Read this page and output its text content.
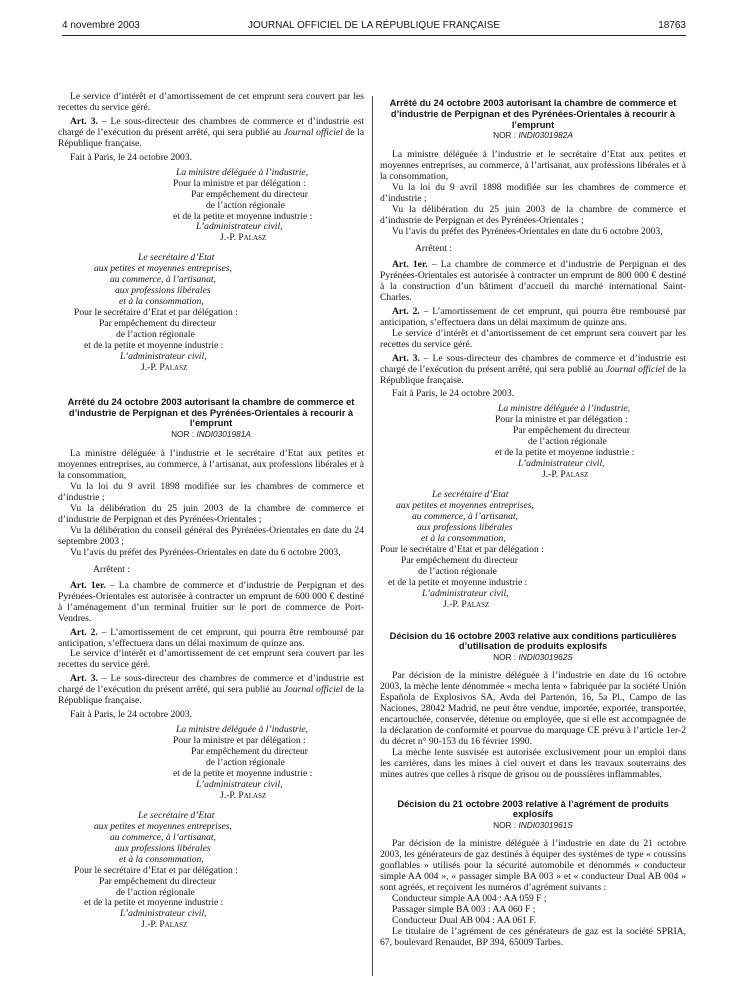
4 novembre 2003	JOURNAL OFFICIEL DE LA RÉPUBLIQUE FRANÇAISE	18763

Le service d’intérêt et d’amortissement de cet emprunt sera couvert par les recettes du service géré.

Art. 3. – Le sous-directeur des chambres de commerce et d’industrie est chargé de l’exécution du présent arrêté, qui sera publié au Journal officiel de la République française.

Fait à Paris, le 24 octobre 2003.

La ministre déléguée à l’industrie,
Pour la ministre et par délégation :
Par empêchement du directeur
de l’action régionale
et de la petite et moyenne industrie :
L’administrateur civil,
J.-P. Palasz
Le secrétaire d’Etat
aux petites et moyennes entreprises,
au commerce, à l’artisanat,
aux professions libérales
et à la consommation,
Pour le secrétaire d’Etat et par délégation :
Par empêchement du directeur
de l’action régionale
et de la petite et moyenne industrie :
L’administrateur civil,
J.-P. Palasz
Arrêté du 24 octobre 2003 autorisant la chambre de commerce et d’industrie de Perpignan et des Pyrénées-Orientales à recourir à l’emprunt
NOR : INDI0301981A

La ministre déléguée à l’industrie et le secrétaire d’Etat aux petites et moyennes entreprises, au commerce, à l’artisanat, aux professions libérales et à la consommation,

Vu la loi du 9 avril 1898 modifiée sur les chambres de commerce et d’industrie ;

Vu la délibération du 25 juin 2003 de la chambre de commerce et d’industrie de Perpignan et des Pyrénées-Orientales ;

Vu la délibération du conseil général des Pyrénées-Orientales en date du 24 septembre 2003 ;

Vu l’avis du préfet des Pyrénées-Orientales en date du 6 octobre 2003,

Arrêtent :

Art. 1er. – La chambre de commerce et d’industrie de Perpignan et des Pyrénées-Orientales est autorisée à contracter un emprunt de 600 000 € destiné à l’aménagement d’un terminal fruitier sur le port de commerce de Port-Vendres.

Art. 2. – L’amortissement de cet emprunt, qui pourra être remboursé par anticipation, s’effectuera dans un délai maximum de quinze ans.

Le service d’intérêt et d’amortissement de cet emprunt sera couvert par les recettes du service géré.

Art. 3. – Le sous-directeur des chambres de commerce et d’industrie est chargé de l’exécution du présent arrêté, qui sera publié au Journal officiel de la République française.

Fait à Paris, le 24 octobre 2003.

La ministre déléguée à l’industrie,
Pour la ministre et par délégation :
Par empêchement du directeur
de l’action régionale
et de la petite et moyenne industrie :
L’administrateur civil,
J.-P. Palasz
Le secrétaire d’Etat
aux petites et moyennes entreprises,
au commerce, à l’artisanat,
aux professions libérales
et à la consommation,
Pour le secrétaire d’Etat et par délégation :
Par empêchement du directeur
de l’action régionale
et de la petite et moyenne industrie :
L’administrateur civil,
J.-P. Palasz
Arrêté du 24 octobre 2003 autorisant la chambre de commerce et d’industrie de Perpignan et des Pyrénées-Orientales à recourir à l’emprunt
NOR : INDI0301982A

La ministre déléguée à l’industrie et le secrétaire d’Etat aux petites et moyennes entreprises, au commerce, à l’artisanat, aux professions libérales et à la consommation,

Vu la loi du 9 avril 1898 modifiée sur les chambres de commerce et d’industrie ;

Vu la délibération du 25 juin 2003 de la chambre de commerce et d’industrie de Perpignan et des Pyrénées-Orientales ;

Vu l’avis du préfet des Pyrénées-Orientales en date du 6 octobre 2003,

Arrêtent :

Art. 1er. – La chambre de commerce et d’industrie de Perpignan et des Pyrénées-Orientales est autorisée à contracter un emprunt de 800 000 € destiné à la construction d’un bâtiment d’accueil du marché international Saint-Charles.

Art. 2. – L’amortissement de cet emprunt, qui pourra être remboursé par anticipation, s’effectuera dans un délai maximum de quinze ans.

Le service d’intérêt et d’amortissement de cet emprunt sera couvert par les recettes du service géré.

Art. 3. – Le sous-directeur des chambres de commerce et d’industrie est chargé de l’exécution du présent arrêté, qui sera publié au Journal officiel de la République française.

Fait à Paris, le 24 octobre 2003.

La ministre déléguée à l’industrie,
Pour la ministre et par délégation :
Par empêchement du directeur
de l’action régionale
et de la petite et moyenne industrie :
L’administrateur civil,
J.-P. Palasz
Le secrétaire d’Etat
aux petites et moyennes entreprises,
au commerce, à l’artisanat,
aux professions libérales
et à la consommation,
Pour le secrétaire d’Etat et par délégation :
Par empêchement du directeur
de l’action régionale
et de la petite et moyenne industrie :
L’administrateur civil,
J.-P. Palasz
Décision du 16 octobre 2003 relative aux conditions particulières d’utilisation de produits explosifs
NOR : INDI0301962S

Par décision de la ministre déléguée à l’industrie en date du 16 octobre 2003, la mèche lente dénommée « mecha lenta » fabriquée par la société Unión Española de Explosivos SA, Avda del Partenón, 16, 5a Pl., Campo de las Naciones, 28042 Madrid, ne peut être vendue, importée, exportée, transportée, encartouchée, conservée, détenue ou employée, que si elle est accompagnée de la déclaration de conformité et pourvue du marquage CE prévu à l’article 1er-2 du décret n° 90-153 du 16 février 1990.

La mèche lente susvisée est autorisée exclusivement pour un emploi dans les carrières, dans les mines à ciel ouvert et dans les travaux souterrains des mines autres que celles à risque de grisou ou de poussières inflammables.

Décision du 21 octobre 2003 relative à l’agrément de produits explosifs
NOR : INDI0301961S

Par décision de la ministre déléguée à l’industrie en date du 21 octobre 2003, les générateurs de gaz destinés à équiper des systèmes de type « coussins gonflables » utilisés pour la sécurité automobile et dénommés « conducteur simple AA 004 », « passager simple BA 003 » et « conducteur Dual AB 004 » sont agréés, et reçoivent les numéros d’agrément suivants :

Conducteur simple AA 004 : AA 059 F ;

Passager simple BA 003 : AA 060 F ;

Conducteur Dual AB 004 : AA 061 F.

Le titulaire de l’agrément de ces générateurs de gaz est la société SPRIA, 67, boulevard Renaudet, BP 394, 65009 Tarbes.
